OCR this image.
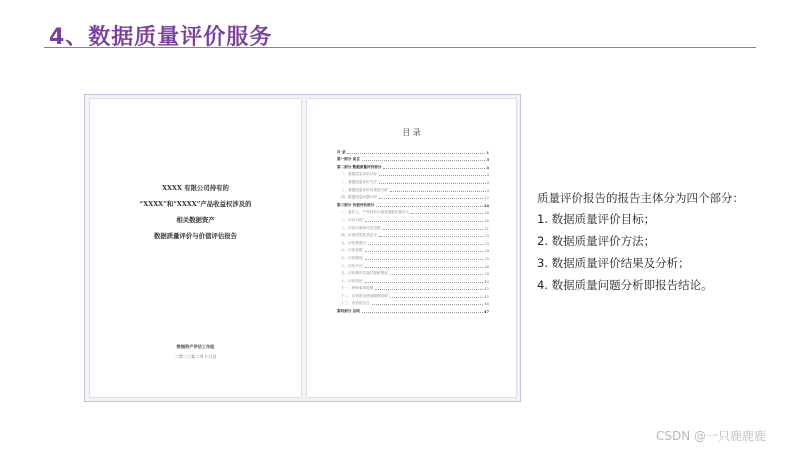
4、数据质量评价服务
XXXX 有限公司持有的
“XXXX”和“XXXX”产品收益权涉及的
相关数据资产
数据质量评价与价值评估报告
数据资产评估工作组
二零二三年二月十六日
目 录
目 录	1
第一部分 前言	3
第二部分 数据质量评价部分	4
一、数据质量评价目标	4
二、数据质量评价方法	6
三、数据质量评价结果及分析	8
四、数据质量问题分析	12
第三部分 价值评估部分	24
一、委托人、产权持有人和其他报告使用人	28
二、评估目的	30
三、评估对象和评估范围	31
四、价值类型及其定义	33
五、评估基准日	33
六、评估依据	34
七、评估假设	35
八、评估方法	36
九、评估程序实施过程和情况	38
十、评估结论	40
十一、特别事项说明	42
十二、评估报告使用限制说明	45
十三、评估报告日	46
第四部分 总结	47
质量评价报告的报告主体分为四个部分：
1. 数据质量评价目标；
2. 数据质量评价方法；
3. 数据质量评价结果及分析；
4. 数据质量问题分析即报告结论。
CSDN @一只鹿鹿鹿
